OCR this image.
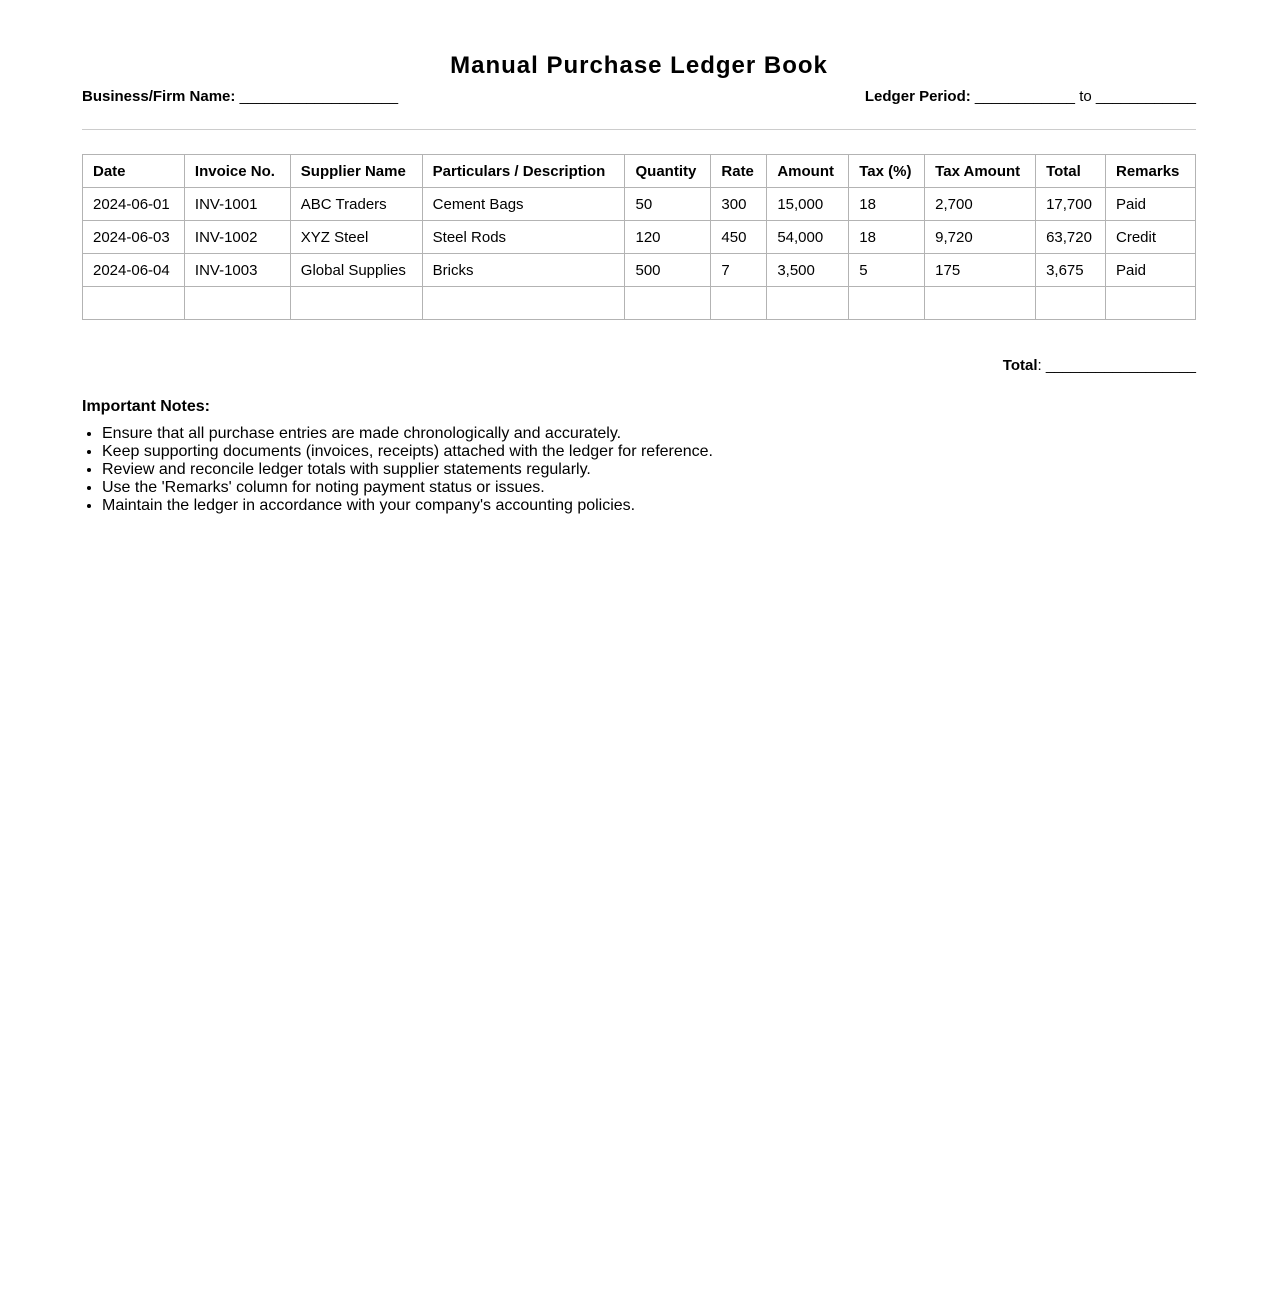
Manual Purchase Ledger Book
Business/Firm Name: ___________________	Ledger Period: ____________ to ____________
Date	Invoice No.	Supplier Name	Particulars / Description	Quantity	Rate	Amount	Tax (%)	Tax Amount	Total	Remarks
2024-06-01	INV-1001	ABC Traders	Cement Bags	50	300	15,000	18	2,700	17,700	Paid
2024-06-03	INV-1002	XYZ Steel	Steel Rods	120	450	54,000	18	9,720	63,720	Credit
2024-06-04	INV-1003	Global Supplies	Bricks	500	7	3,500	5	175	3,675	Paid

Total: __________________
Important Notes:
• Ensure that all purchase entries are made chronologically and accurately.
• Keep supporting documents (invoices, receipts) attached with the ledger for reference.
• Review and reconcile ledger totals with supplier statements regularly.
• Use the 'Remarks' column for noting payment status or issues.
• Maintain the ledger in accordance with your company's accounting policies.
